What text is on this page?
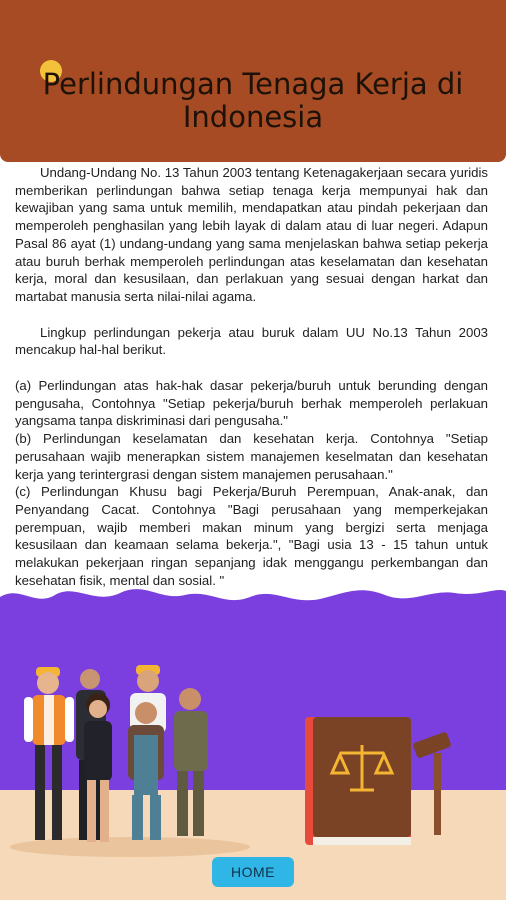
Perlindungan Tenaga Kerja di Indonesia

Undang-Undang No. 13 Tahun 2003 tentang Ketenagakerjaan secara yuridis memberikan perlindungan bahwa setiap tenaga kerja mempunyai hak dan kewajiban yang sama untuk memilih, mendapatkan atau pindah pekerjaan dan memperoleh penghasilan yang lebih layak di dalam atau di luar negeri. Adapun Pasal 86 ayat (1) undang-undang yang sama menjelaskan bahwa setiap pekerja atau buruh berhak memperoleh perlindungan atas keselamatan dan kesehatan kerja, moral dan kesusilaan, dan perlakuan yang sesuai dengan harkat dan martabat manusia serta nilai-nilai agama.

Lingkup perlindungan pekerja atau buruk dalam UU No.13 Tahun 2003 mencakup hal-hal berikut.

(a) Perlindungan atas hak-hak dasar pekerja/buruh untuk berunding dengan pengusaha, Contohnya "Setiap pekerja/buruh berhak memperoleh perlakuan yangsama tanpa diskriminasi dari pengusaha."

(b) Perlindungan keselamatan dan kesehatan kerja. Contohnya "Setiap perusahaan wajib menerapkan sistem manajemen keselmatan dan kesehatan kerja yang terintergrasi dengan sistem manajemen perusahaan."

(c) Perlindungan Khusu bagi Pekerja/Buruh Perempuan, Anak-anak, dan Penyandang Cacat. Contohnya "Bagi perusahaan yang memperkejakan perempuan, wajib memberi makan minum yang bergizi serta menjaga kesusilaan dan keamaan selama bekerja.", "Bagi usia 13 - 15 tahun untuk melakukan pekerjaan ringan sepanjang idak menggangu perkembangan dan kesehatan fisik, mental dan sosial. "

HOME
